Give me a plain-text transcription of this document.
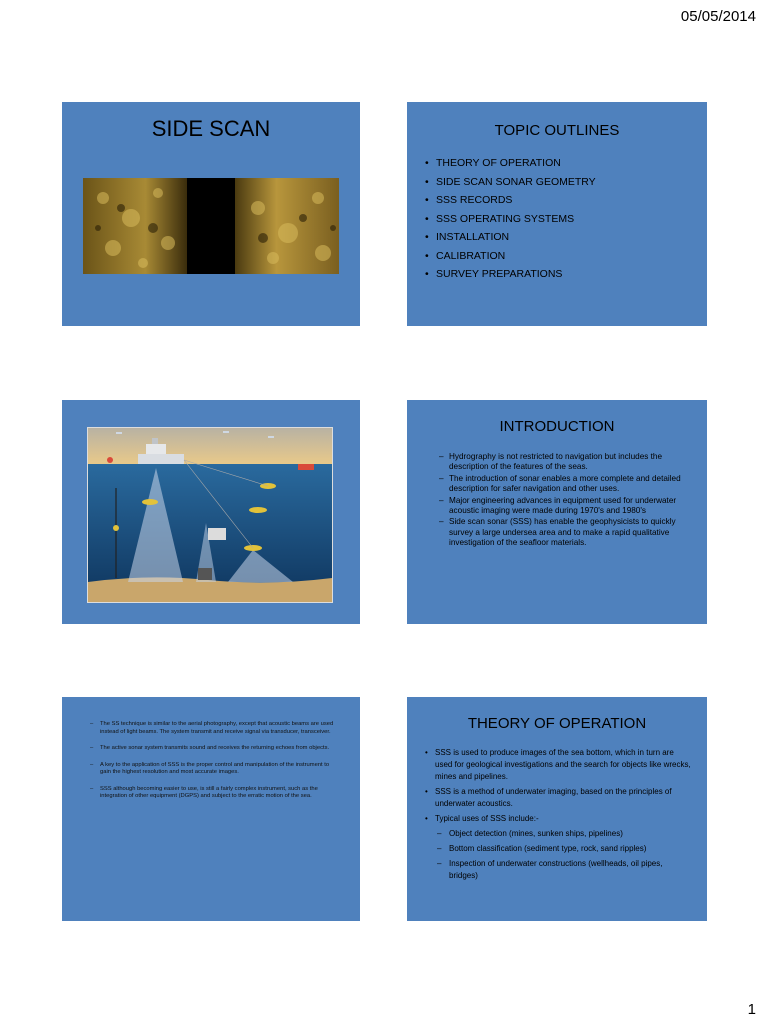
05/05/2014
SIDE SCAN	TOPIC OUTLINES
• THEORY OF OPERATION
• SIDE SCAN SONAR GEOMETRY
• SSS RECORDS
• SSS OPERATING SYSTEMS
• INSTALLATION
• CALIBRATION
• SURVEY PREPARATIONS
INTRODUCTION
– Hydrography is not restricted to navigation but includes the description of the features of the seas.
– The introduction of sonar enables a more complete and detailed description for safer navigation and other uses.
– Major engineering advances in equipment used for underwater acoustic imaging were made during 1970's and 1980's
– Side scan sonar (SSS) has enable the geophysicists to quickly survey a large undersea area and to make a rapid qualitative investigation of the seafloor materials.
– The SS technique is similar to the aerial photography, except that acoustic beams are used instead of light beams. The system transmit and receive signal via transducer, transceiver.
– The active sonar system transmits sound and receives the returning echoes from objects.
– A key to the application of SSS is the proper control and manipulation of the instrument to gain the highest resolution and most accurate images.
– SSS although becoming easier to use, is still a fairly complex instrument, such as the integration of other equipment (DGPS) and subject to the erratic motion of the sea.
THEORY OF OPERATION
• SSS is used to produce images of the sea bottom, which in turn are used for geological investigations and the search for objects like wrecks, mines and pipelines.
• SSS is a method of underwater imaging, based on the principles of underwater acoustics.
• Typical uses of SSS include:-
– Object detection (mines, sunken ships, pipelines)
– Bottom classification (sediment type, rock, sand ripples)
– Inspection of underwater constructions (wellheads, oil pipes, bridges)
1
